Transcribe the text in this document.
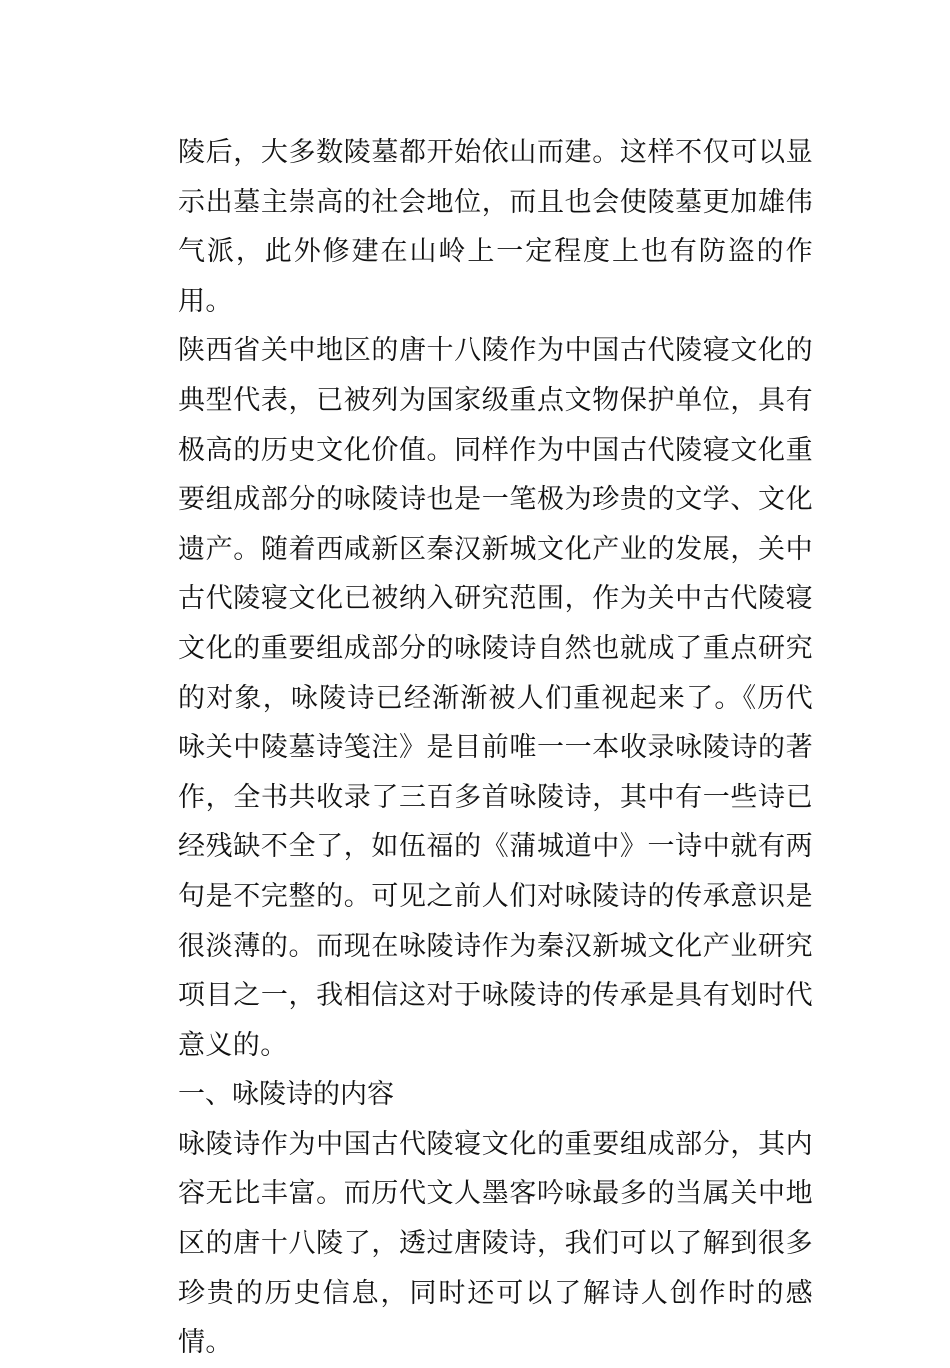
陵后，大多数陵墓都开始依山而建。这样不仅可以显示出墓主崇高的社会地位，而且也会使陵墓更加雄伟气派，此外修建在山岭上一定程度上也有防盗的作用。

陕西省关中地区的唐十八陵作为中国古代陵寝文化的典型代表，已被列为国家级重点文物保护单位，具有极高的历史文化价值。同样作为中国古代陵寝文化重要组成部分的咏陵诗也是一笔极为珍贵的文学、文化遗产。随着西咸新区秦汉新城文化产业的发展，关中古代陵寝文化已被纳入研究范围，作为关中古代陵寝文化的重要组成部分的咏陵诗自然也就成了重点研究的对象，咏陵诗已经渐渐被人们重视起来了。《历代咏关中陵墓诗笺注》是目前唯一一本收录咏陵诗的著作，全书共收录了三百多首咏陵诗，其中有一些诗已经残缺不全了，如伍福的《蒲城道中》一诗中就有两句是不完整的。可见之前人们对咏陵诗的传承意识是很淡薄的。而现在咏陵诗作为秦汉新城文化产业研究项目之一，我相信这对于咏陵诗的传承是具有划时代意义的。

一、咏陵诗的内容

咏陵诗作为中国古代陵寝文化的重要组成部分，其内容无比丰富。而历代文人墨客吟咏最多的当属关中地区的唐十八陵了，透过唐陵诗，我们可以了解到很多珍贵的历史信息，同时还可以了解诗人创作时的感情。
